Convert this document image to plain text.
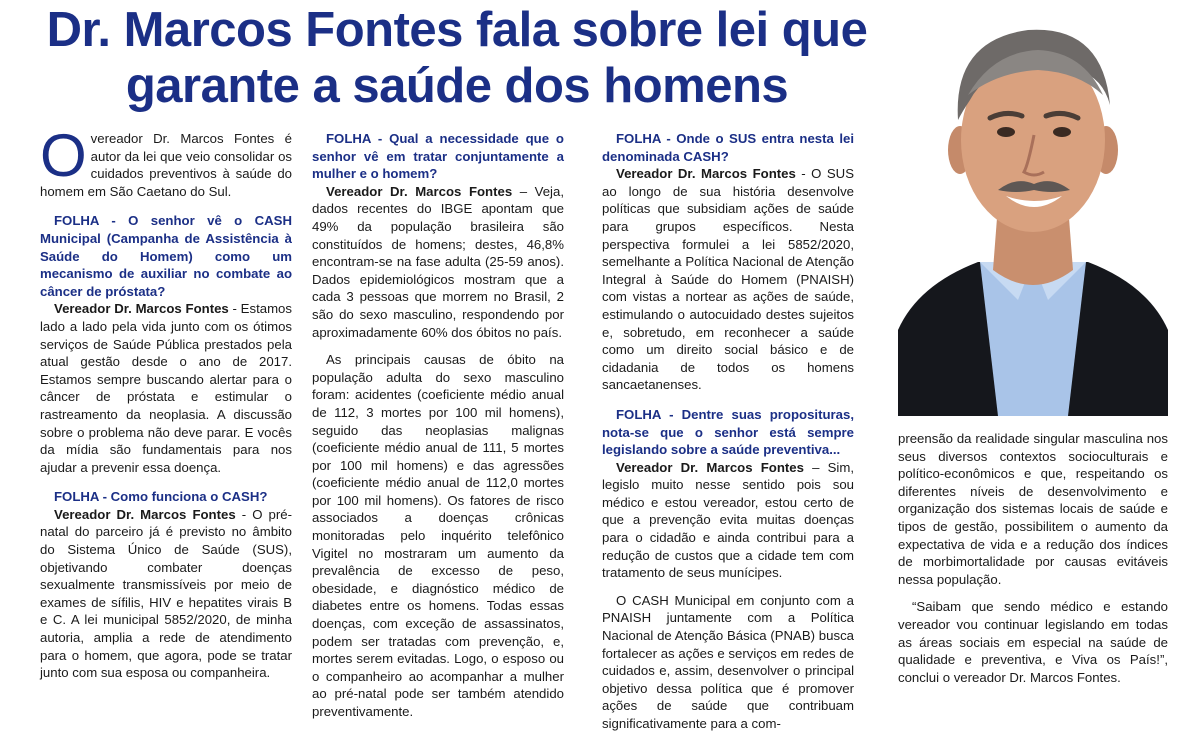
Dr. Marcos Fontes fala sobre lei que garante a saúde dos homens

O vereador Dr. Marcos Fontes é autor da lei que veio consolidar os cuidados preventivos à saúde do homem em São Caetano do Sul.

FOLHA - O senhor vê o CASH Municipal (Campanha de Assistência à Saúde do Homem) como um mecanismo de auxiliar no combate ao câncer de próstata?

Vereador Dr. Marcos Fontes - Estamos lado a lado pela vida junto com os ótimos serviços de Saúde Pública prestados pela atual gestão desde o ano de 2017. Estamos sempre buscando alertar para o câncer de próstata e estimular o rastreamento da neoplasia. A discussão sobre o problema não deve parar. E vocês da mídia são fundamentais para nos ajudar a prevenir essa doença.

FOLHA - Como funciona o CASH?

Vereador Dr. Marcos Fontes - O pré-natal do parceiro já é previsto no âmbito do Sistema Único de Saúde (SUS), objetivando combater doenças sexualmente transmissíveis por meio de exames de sífilis, HIV e hepatites virais B e C. A lei municipal 5852/2020, de minha autoria, amplia a rede de atendimento para o homem, que agora, pode se tratar junto com sua esposa ou companheira.

FOLHA - Qual a necessidade que o senhor vê em tratar conjuntamente a mulher e o homem?

Vereador Dr. Marcos Fontes – Veja, dados recentes do IBGE apontam que 49% da população brasileira são constituídos de homens; destes, 46,8% encontram-se na fase adulta (25-59 anos). Dados epidemiológicos mostram que a cada 3 pessoas que morrem no Brasil, 2 são do sexo masculino, respondendo por aproximadamente 60% dos óbitos no país.

As principais causas de óbito na população adulta do sexo masculino foram: acidentes (coeficiente médio anual de 112, 3 mortes por 100 mil homens), seguido das neoplasias malignas (coeficiente médio anual de 111, 5 mortes por 100 mil homens) e das agressões (coeficiente médio anual de 112,0 mortes por 100 mil homens). Os fatores de risco associados a doenças crônicas monitoradas pelo inquérito telefônico Vigitel no mostraram um aumento da prevalência de excesso de peso, obesidade, e diagnóstico médico de diabetes entre os homens. Todas essas doenças, com exceção de assassinatos, podem ser tratadas com prevenção, e, mortes serem evitadas. Logo, o esposo ou o companheiro ao acompanhar a mulher ao pré-natal pode ser também atendido preventivamente.

FOLHA - Onde o SUS entra nesta lei denominada CASH?

Vereador Dr. Marcos Fontes - O SUS ao longo de sua história desenvolve políticas que subsidiam ações de saúde para grupos específicos. Nesta perspectiva formulei a lei 5852/2020, semelhante a Política Nacional de Atenção Integral à Saúde do Homem (PNAISH) com vistas a nortear as ações de saúde, estimulando o autocuidado destes sujeitos e, sobretudo, em reconhecer a saúde como um direito social básico e de cidadania de todos os homens sancaetanenses.

FOLHA - Dentre suas proposituras, nota-se que o senhor está sempre legislando sobre a saúde preventiva...

Vereador Dr. Marcos Fontes – Sim, legislo muito nesse sentido pois sou médico e estou vereador, estou certo de que a prevenção evita muitas doenças para o cidadão e ainda contribui para a redução de custos que a cidade tem com tratamento de seus munícipes.

O CASH Municipal em conjunto com a PNAISH juntamente com a Política Nacional de Atenção Básica (PNAB) busca fortalecer as ações e serviços em redes de cuidados e, assim, desenvolver o principal objetivo dessa política que é promover ações de saúde que contribuam significativamente para a com-

preensão da realidade singular masculina nos seus diversos contextos socioculturais e político-econômicos e que, respeitando os diferentes níveis de desenvolvimento e organização dos sistemas locais de saúde e tipos de gestão, possibilitem o aumento da expectativa de vida e a redução dos índices de morbimortalidade por causas evitáveis nessa população.

“Saibam que sendo médico e estando vereador vou continuar legislando em todas as áreas sociais em especial na saúde de qualidade e preventiva, e Viva os País!”, conclui o vereador Dr. Marcos Fontes.
